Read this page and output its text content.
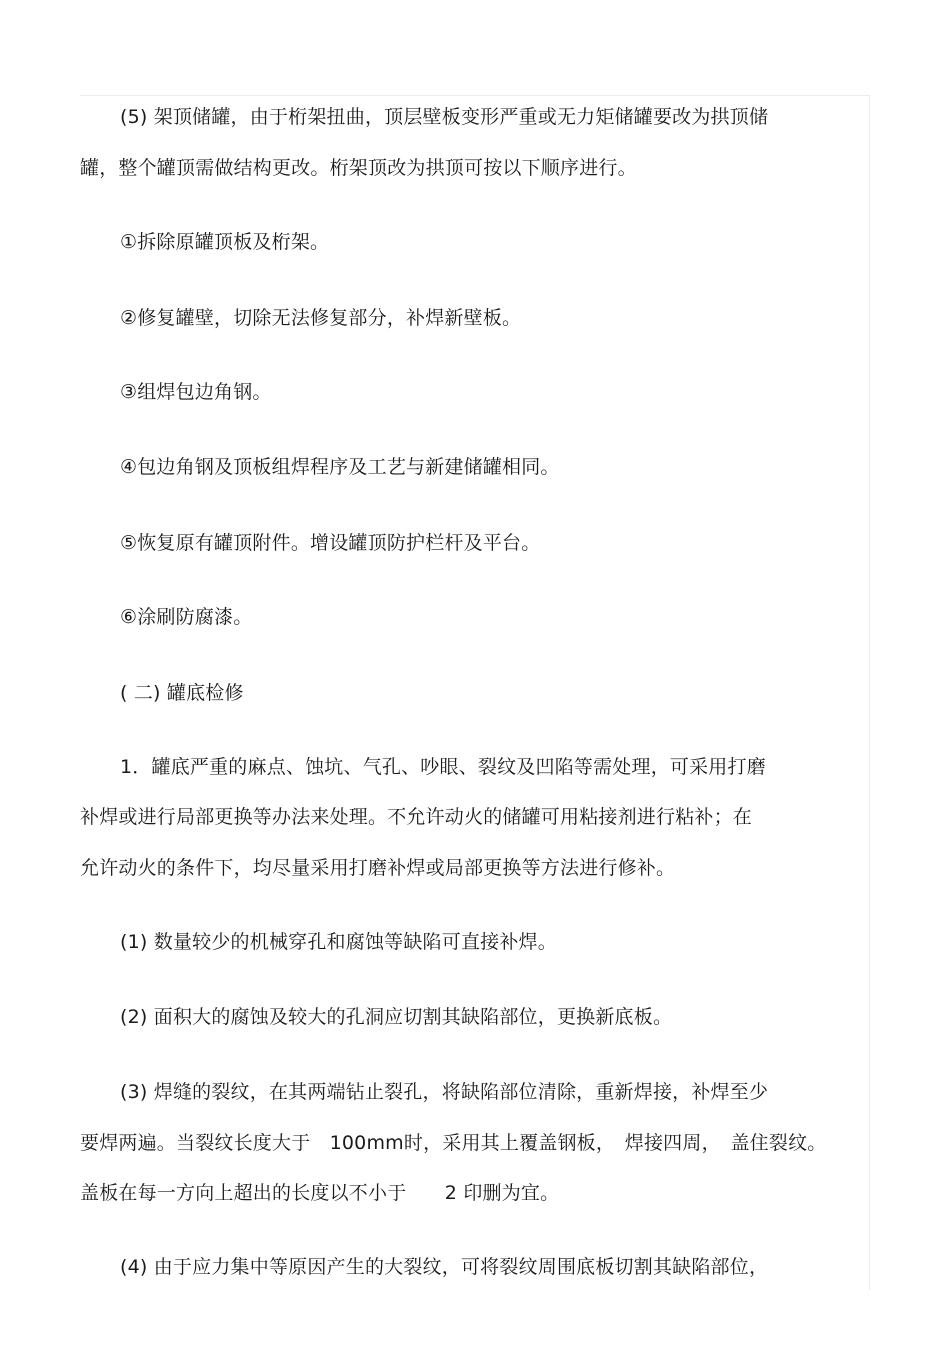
(5) 架顶储罐，由于桁架扭曲，顶层壁板变形严重或无力矩储罐要改为拱顶储
罐，整个罐顶需做结构更改。桁架顶改为拱顶可按以下顺序进行。
①拆除原罐顶板及桁架。
②修复罐壁，切除无法修复部分，补焊新壁板。
③组焊包边角钢。
④包边角钢及顶板组焊程序及工艺与新建储罐相同。
⑤恢复原有罐顶附件。增设罐顶防护栏杆及平台。
⑥涂刷防腐漆。
( 二) 罐底检修
1．罐底严重的麻点、蚀坑、气孔、吵眼、裂纹及凹陷等需处理，可采用打磨
补焊或进行局部更换等办法来处理。不允许动火的储罐可用粘接剂进行粘补；在
允许动火的条件下，均尽量采用打磨补焊或局部更换等方法进行修补。
(1) 数量较少的机械穿孔和腐蚀等缺陷可直接补焊。
(2) 面积大的腐蚀及较大的孔洞应切割其缺陷部位，更换新底板。
(3) 焊缝的裂纹，在其两端钻止裂孔，将缺陷部位清除，重新焊接，补焊至少
要焊两遍。当裂纹长度大于　100mm时，采用其上覆盖钢板，　焊接四周，　盖住裂纹。
盖板在每一方向上超出的长度以不小于　　2 印删为宜。
(4) 由于应力集中等原因产生的大裂纹，可将裂纹周围底板切割其缺陷部位，
